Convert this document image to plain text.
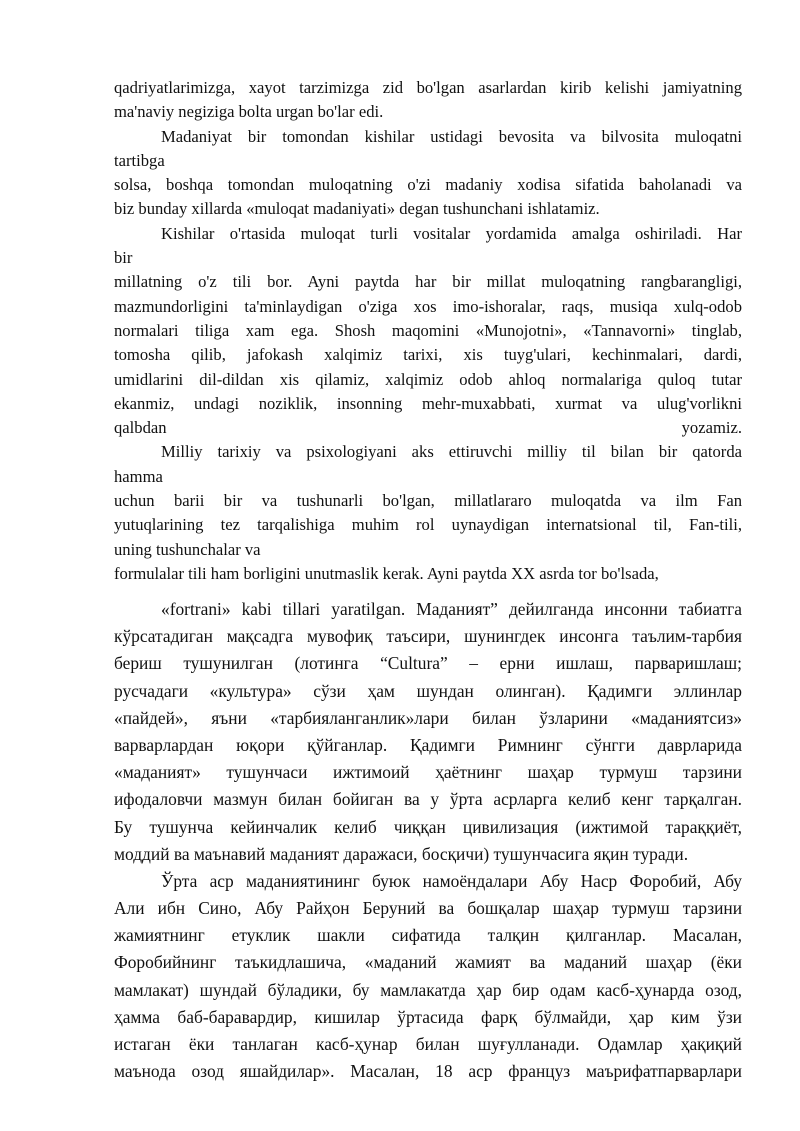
qadriyatlarimizga, xayot tarzimizga zid bo'lgan asarlardan kirib kelishi jamiyatning
ma'naviy negiziga bolta urgan bo'lar edi.
Madaniyat bir tomondan kishilar ustidagi bevosita va bilvosita muloqatni
tartibga
solsa, boshqa tomondan muloqatning o'zi madaniy xodisa sifatida baholanadi va
biz bunday xillarda «muloqat madaniyati» degan tushunchani ishlatamiz.
Kishilar o'rtasida muloqat turli vositalar yordamida amalga oshiriladi. Har
bir
millatning o'z tili bor. Ayni paytda har bir millat muloqatning rangbarangligi,
mazmundorligini ta'minlaydigan o'ziga xos imo-ishoralar, raqs, musiqa xulq-odob
normalari tiliga xam ega. Shosh maqomini «Munojotni», «Tannavorni» tinglab,
tomosha qilib, jafokash xalqimiz tarixi, xis tuyg'ulari, kechinmalari, dardi,
umidlarini dil-dildan xis qilamiz, xalqimiz odob ahloq normalariga quloq tutar
ekanmiz, undagi noziklik, insonning mehr-muxabbati, xurmat va ulug'vorlikni
qalbdan yozamiz.
Milliy tarixiy va psixologiyani aks ettiruvchi milliy til bilan bir qatorda
hamma
uchun barii bir va tushunarli bo'lgan, millatlararo muloqatda va ilm Fan
yutuqlarining tez tarqalishiga muhim rol uynaydigan internatsional til, Fan-tili,
uning tushunchalar va
formulalar tili ham borligini unutmaslik kerak. Ayni paytda XX asrda tor bo'lsada,
«fortrani» kabi tillari yaratilgan. Маданият” дейилганда инсонни табиатга
кўрсатадиган мақсадга мувофиқ таъсири, шунингдек инсонга таълим-тарбия
бериш тушунилган (лотинга “Cultura” – ерни ишлаш, парваришлаш;
русчадаги «культура» сўзи ҳам шундан олинган). Қадимги эллинлар
«пайдей», яъни «тарбияланганлик»лари билан ўзларини «маданиятсиз»
варварлардан юқори қўйганлар. Қадимги Римнинг сўнгги даврларида
«маданият» тушунчаси ижтимоий ҳаётнинг шаҳар турмуш тарзини
ифодаловчи мазмун билан бойиган ва у ўрта асрларга келиб кенг тарқалган.
Бу тушунча кейинчалик келиб чиққан цивилизация (ижтимой тараққиёт,
моддий ва маънавий маданият даражаси, босқичи) тушунчасига яқин туради.
Ўрта аср маданиятининг буюк намоёндалари Абу Наср Форобий, Абу
Али ибн Сино, Абу Райҳон Беруний ва бошқалар шаҳар турмуш тарзини
жамиятнинг етуклик шакли сифатида талқин қилганлар. Масалан,
Форобийнинг таъкидлашича, «маданий жамият ва маданий шаҳар (ёки
мамлакат) шундай бўладики, бу мамлакатда ҳар бир одам касб-ҳунарда озод,
ҳамма баб-баравардир, кишилар ўртасида фарқ бўлмайди, ҳар ким ўзи
истаган ёки танлаган касб-ҳунар билан шуғулланади. Одамлар ҳақиқий
маънода озод яшайдилар». Масалан, 18 аср француз маърифатпарварлари
